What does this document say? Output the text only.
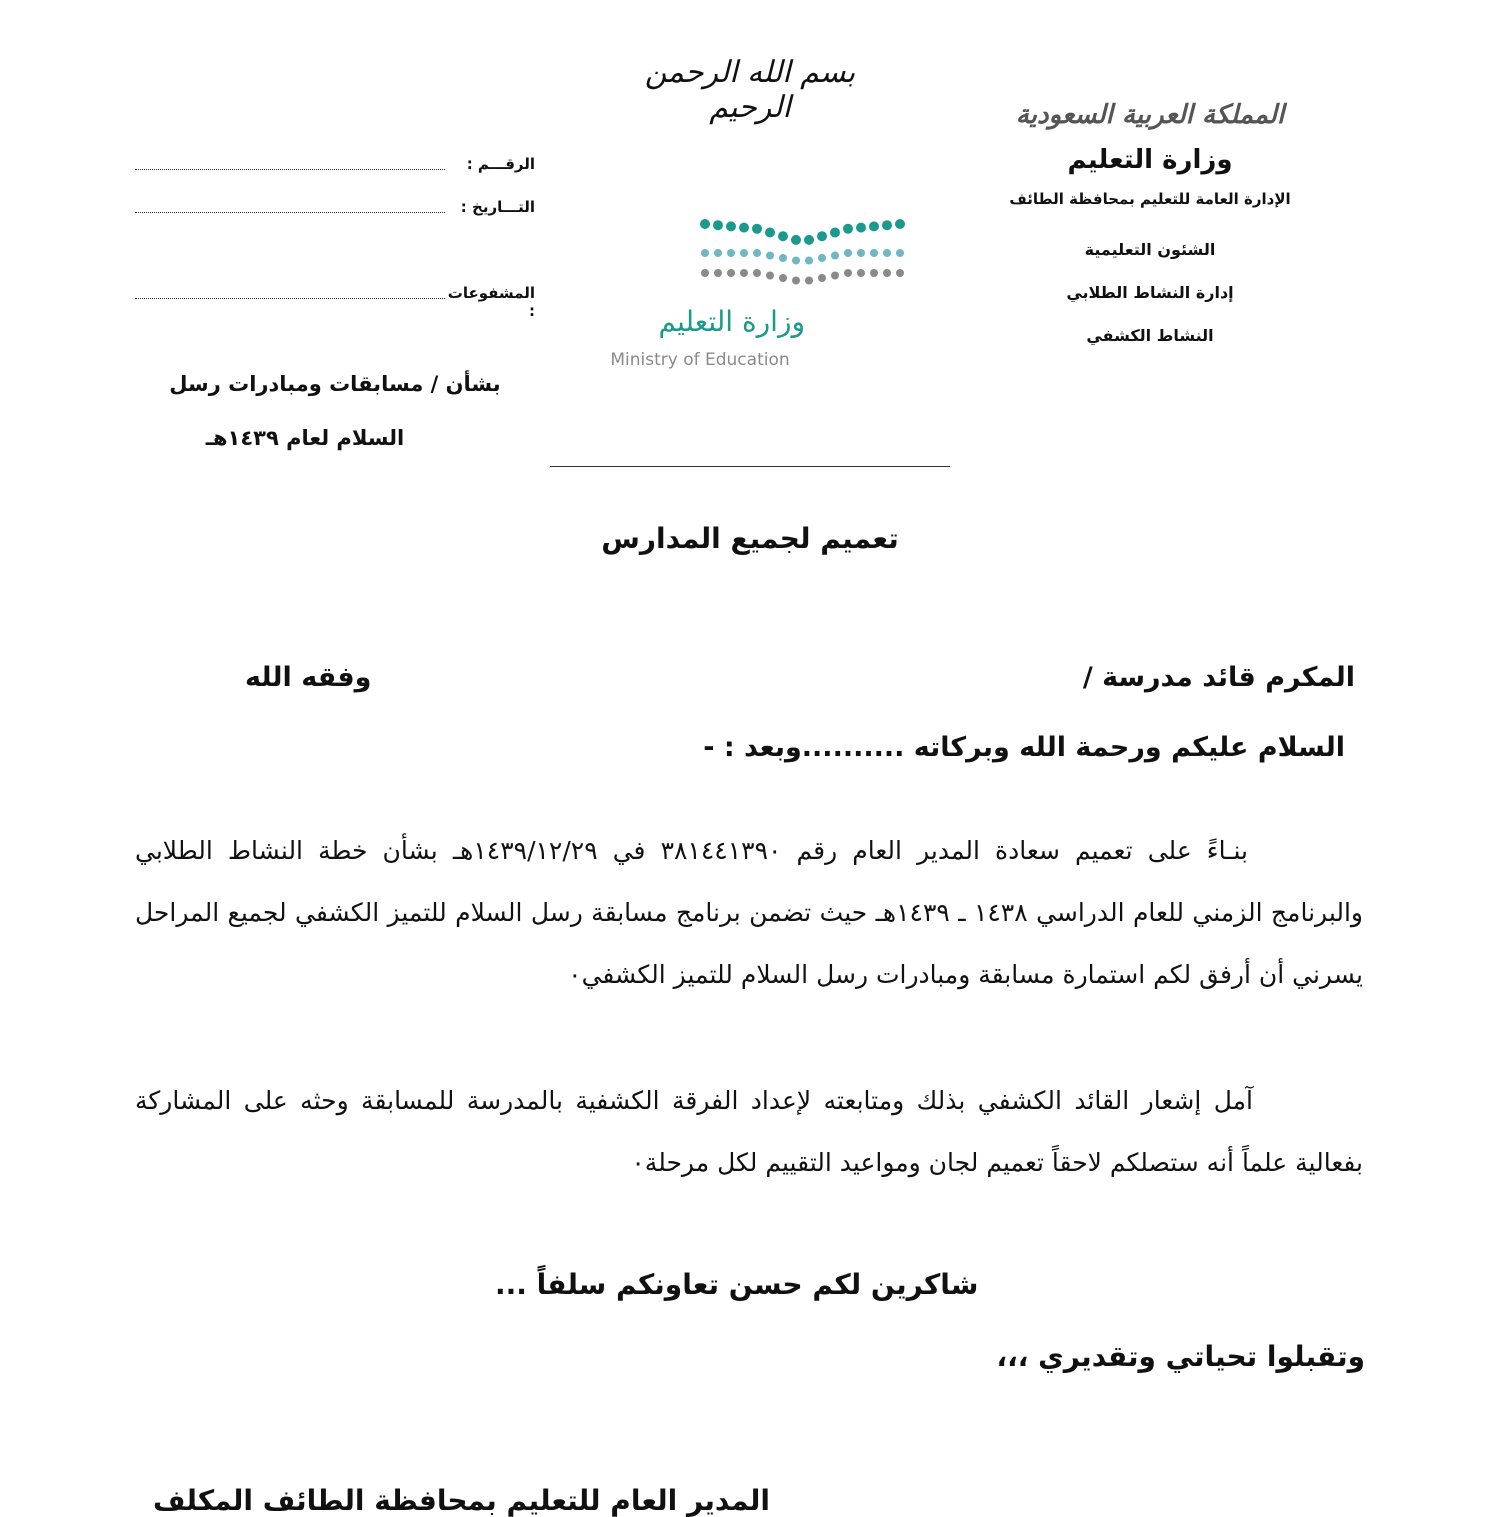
بسم الله الرحمن الرحيم	المملكة العربية السعودية
وزارة التعليم
الإدارة العامة للتعليم بمحافظة الطائف
الشئون التعليمية
إدارة النشاط الطلابي
النشاط الكشفي
الرقـــم :
التـــاريخ :
المشفوعات :	وزارة التعليم
Ministry of Education
بشأن / مسابقات ومبادرات رسل
السلام لعام ١٤٣٩هـ
تعميم لجميع المدارس
المكرم قائد مدرسة /
وفقه الله
السلام عليكم ورحمة الله وبركاته ..........وبعد : -
بنـاءً على تعميم سعادة المدير العام رقم ٣٨١٤٤١٣٩٠ في ١٤٣٩/١٢/٢٩هـ بشأن خطة النشاط الطلابي والبرنامج الزمني للعام الدراسي ١٤٣٨ ـ ١٤٣٩هـ حيث تضمن برنامج مسابقة رسل السلام للتميز الكشفي لجميع المراحل يسرني أن أرفق لكم استمارة مسابقة ومبادرات رسل السلام للتميز الكشفي٠
آمل إشعار القائد الكشفي بذلك ومتابعته لإعداد الفرقة الكشفية بالمدرسة للمسابقة وحثه على المشاركة بفعالية علماً أنه ستصلكم لاحقاً تعميم لجان ومواعيد التقييم لكل مرحلة٠
شاكرين لكم حسن تعاونكم سلفاً ...
وتقبلوا تحياتي وتقديري ،،،
المدير العام للتعليم بمحافظة الطائف المكلف
